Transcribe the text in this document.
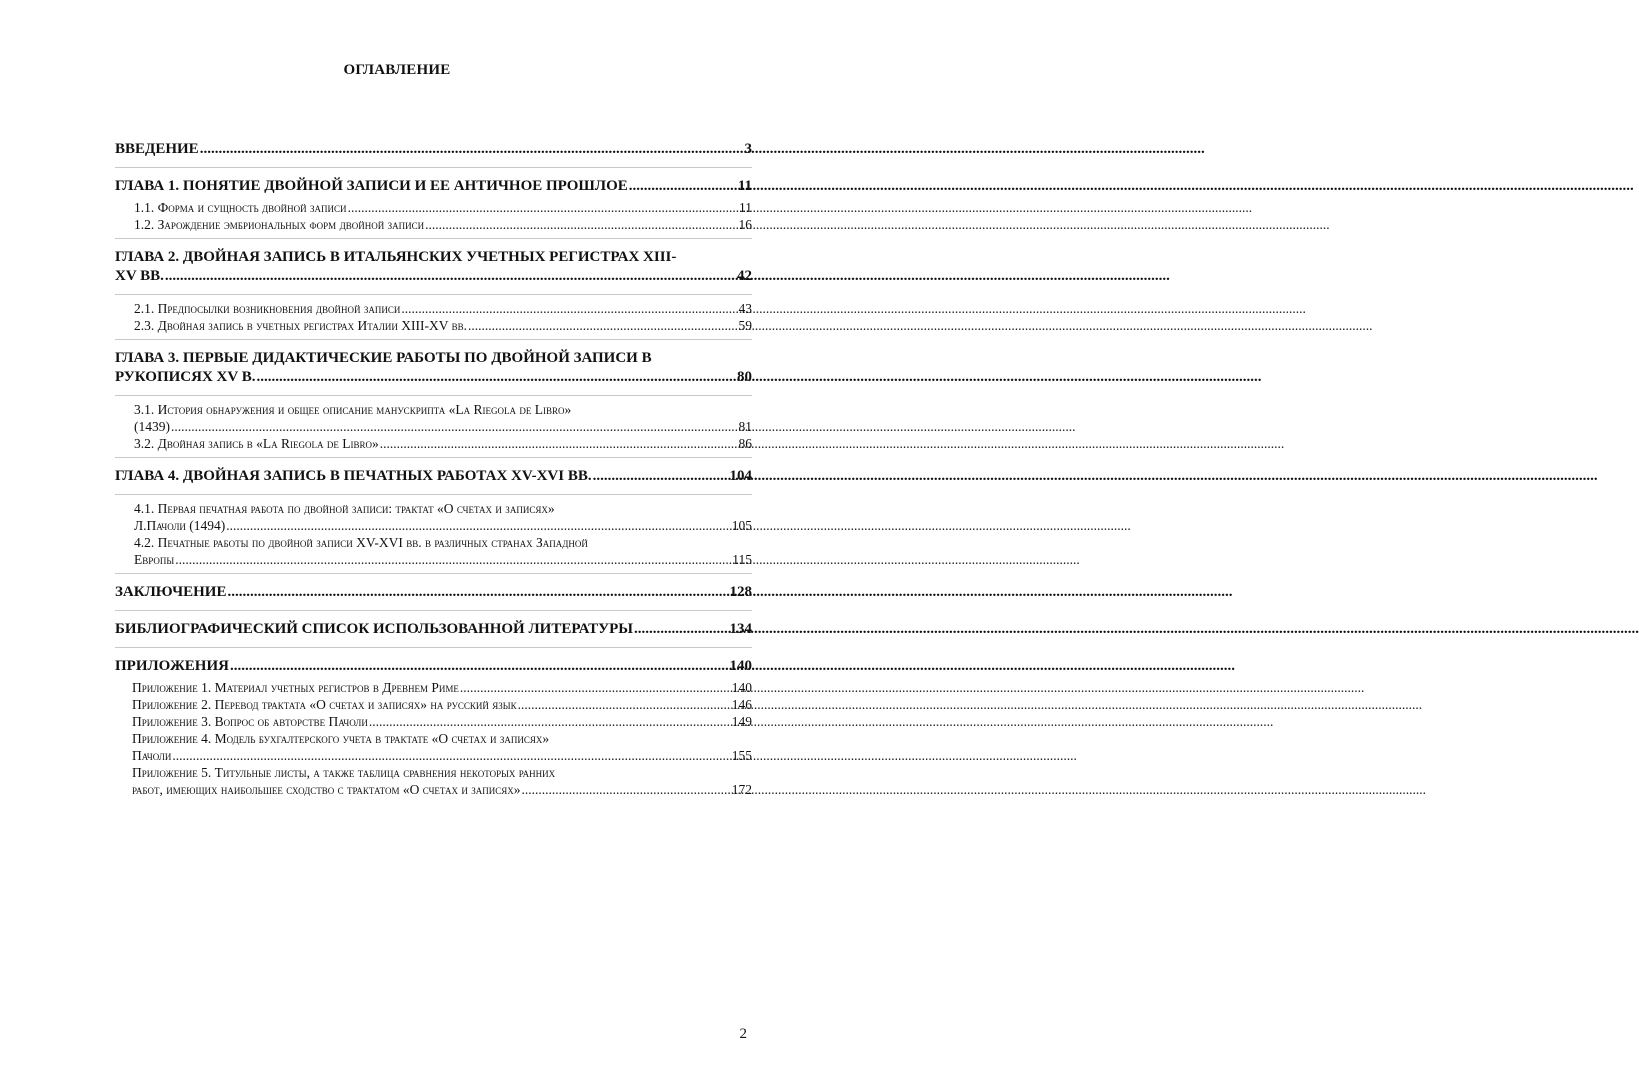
ОГЛАВЛЕНИЕ
ВВЕДЕНИЕ .....	3
ГЛАВА 1. ПОНЯТИЕ ДВОЙНОЙ ЗАПИСИ И ЕЕ АНТИЧНОЕ ПРОШЛОЕ .....	11
1.1. Форма и сущность двойной записи .....	11
1.2. Зарождение эмбриональных форм двойной записи .....	16
ГЛАВА 2. ДВОЙНАЯ ЗАПИСЬ В ИТАЛЬЯНСКИХ УЧЕТНЫХ РЕГИСТРАХ XIII-
XV ВВ. .....	42
2.1. Предпосылки возникновения двойной записи .....	43
2.3. Двойная запись в учетных регистрах Италии XIII-XV вв. .....	59
ГЛАВА 3. ПЕРВЫЕ ДИДАКТИЧЕСКИЕ РАБОТЫ ПО ДВОЙНОЙ ЗАПИСИ В
РУКОПИСЯХ XV В. .....	80
3.1. История обнаружения и общее описание манускрипта «La Riegola de Libro»
(1439) .....	81
3.2. Двойная запись в «La Riegola de Libro» .....	86
ГЛАВА 4. ДВОЙНАЯ ЗАПИСЬ В ПЕЧАТНЫХ РАБОТАХ XV-XVI ВВ. .....	104
4.1. Первая печатная работа по двойной записи: трактат «О счетах и записях»
Л.Пачоли (1494) .....	105
4.2. Печатные работы по двойной записи XV-XVI вв. в различных странах Западной
Европы .....	115
ЗАКЛЮЧЕНИЕ .....	128
БИБЛИОГРАФИЧЕСКИЙ СПИСОК ИСПОЛЬЗОВАННОЙ ЛИТЕРАТУРЫ .....	134
ПРИЛОЖЕНИЯ .....	140
Приложение 1. Материал учетных регистров в Древнем Риме .....	140
Приложение 2. Перевод трактата «О счетах и записях» на русский язык .....	146
Приложение 3. Вопрос об авторстве Пачоли .....	149
Приложение 4. Модель бухгалтерского учета в трактате «О счетах и записях»
Пачоли .....	155
Приложение 5. Титульные листы, а также таблица сравнения некоторых ранних
работ, имеющих наибольшее сходство с трактатом «О счетах и записях» .....	172
2
